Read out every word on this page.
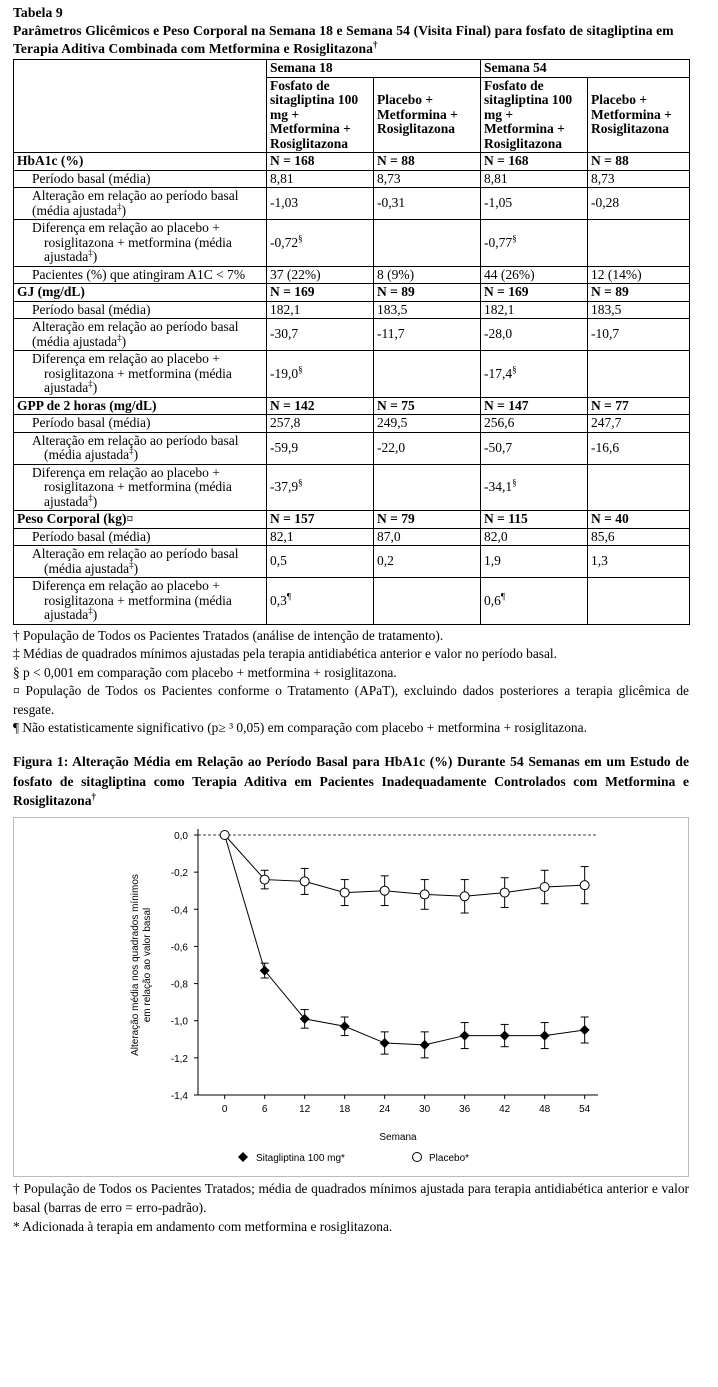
Tabela 9
Parâmetros Glicêmicos e Peso Corporal na Semana 18 e Semana 54 (Visita Final) para fosfato de sitagliptina em Terapia Aditiva Combinada com Metformina e Rosiglitazona†
	Semana 18		Semana 54	
	Fosfato de sitagliptina 100 mg + Metformina + Rosiglitazona	Placebo + Metformina + Rosiglitazona	Fosfato de sitagliptina 100 mg + Metformina + Rosiglitazona	Placebo + Metformina + Rosiglitazona
HbA1c (%)	N = 168	N = 88	N = 168	N = 88
Período basal (média)	8,81	8,73	8,81	8,73
Alteração em relação ao período basal (média ajustada‡)	-1,03	-0,31	-1,05	-0,28
Diferença em relação ao placebo + rosiglitazona + metformina (média ajustada‡)	-0,72§		-0,77§	
Pacientes (%) que atingiram A1C < 7%	37 (22%)	8 (9%)	44 (26%)	12 (14%)
GJ (mg/dL)	N = 169	N = 89	N = 169	N = 89
Período basal (média)	182,1	183,5	182,1	183,5
Alteração em relação ao período basal (média ajustada‡)	-30,7	-11,7	-28,0	-10,7
Diferença em relação ao placebo + rosiglitazona + metformina (média ajustada‡)	-19,0§		-17,4§	
GPP de 2 horas (mg/dL)	N = 142	N = 75	N = 147	N = 77
Período basal (média)	257,8	249,5	256,6	247,7
Alteração em relação ao período basal (média ajustada‡)	-59,9	-22,0	-50,7	-16,6
Diferença em relação ao placebo + rosiglitazona + metformina (média ajustada‡)	-37,9§		-34,1§	
Peso Corporal (kg)¤	N = 157	N = 79	N = 115	N = 40
Período basal (média)	82,1	87,0	82,0	85,6
Alteração em relação ao período basal (média ajustada‡)	0,5	0,2	1,9	1,3
Diferença em relação ao placebo + rosiglitazona + metformina (média ajustada‡)	0,3¶		0,6¶	

† População de Todos os Pacientes Tratados (análise de intenção de tratamento).

‡ Médias de quadrados mínimos ajustadas pela terapia antidiabética anterior e valor no período basal.

§ p < 0,001 em comparação com placebo + metformina + rosiglitazona.

¤ População de Todos os Pacientes conforme o Tratamento (APaT), excluindo dados posteriores a terapia glicêmica de resgate.

¶ Não estatisticamente significativo (p≥ ³ 0,05) em comparação com placebo + metformina + rosiglitazona.

Figura 1: Alteração Média em Relação ao Período Basal para HbA1c (%) Durante 54 Semanas em um Estudo de fosfato de sitagliptina como Terapia Aditiva em Pacientes Inadequadamente Controlados com Metformina e Rosiglitazona†
0,0
-0,2
-0,4
-0,6
-0,8
-1,0
-1,2
-1,4
0	6	12	18	24	30	36	42	48	54
Semana
Alteração média nos quadrados mínimosem relação ao valor basal
Sitagliptina 100 mg*	Placebo*

† População de Todos os Pacientes Tratados; média de quadrados mínimos ajustada para terapia antidiabética anterior e valor basal (barras de erro = erro-padrão).

* Adicionada à terapia em andamento com metformina e rosiglitazona.
